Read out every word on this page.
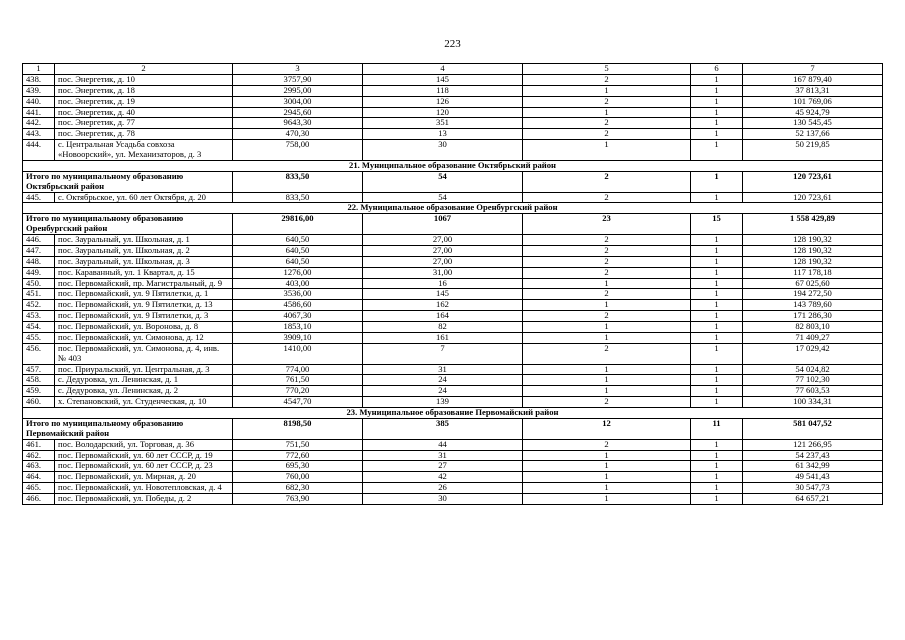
223
1	2	3	4	5	6	7
438.	пос. Энергетик, д. 10	3757,90	145	2	1	167 879,40
439.	пос. Энергетик, д. 18	2995,00	118	1	1	37 813,31
440.	пос. Энергетик, д. 19	3004,00	126	2	1	101 769,06
441.	пос. Энергетик, д. 40	2945,60	120	1	1	45 924,79
442.	пос. Энергетик, д. 77	9643,30	351	2	1	130 545,45
443.	пос. Энергетик, д. 78	470,30	13	2	1	52 137,66
444.	с. Центральная Усадьба совхоза «Новоорский», ул. Механизаторов, д. 3	758,00	30	1	1	50 219,85
21. Муниципальное образование Октябрьский район						
Итого по муниципальному образованию Октябрьский район		833,50	54	2	1	120 723,61
445.	с. Октябрьское, ул. 60 лет Октября, д. 20	833,50	54	2	1	120 723,61
22. Муниципальное образование Оренбургский район						
Итого по муниципальному образованию Оренбургский район		29816,00	1067	23	15	1 558 429,89
446.	пос. Зауральный, ул. Школьная, д. 1	640,50	27,00	2	1	128 190,32
447.	пос. Зауральный, ул. Школьная, д. 2	640,50	27,00	2	1	128 190,32
448.	пос. Зауральный, ул. Школьная, д. 3	640,50	27,00	2	1	128 190,32
449.	пос. Караванный, ул. 1 Квартал, д. 15	1276,00	31,00	2	1	117 178,18
450.	пос. Первомайский, пр. Магистральный, д. 9	403,00	16	1	1	67 025,60
451.	пос. Первомайский, ул. 9 Пятилетки, д. 1	3536,00	145	2	1	194 272,50
452.	пос. Первомайский, ул. 9 Пятилетки, д. 13	4586,60	162	1	1	143 789,60
453.	пос. Первомайский, ул. 9 Пятилетки, д. 3	4067,30	164	2	1	171 286,30
454.	пос. Первомайский, ул. Воронова, д. 8	1853,10	82	1	1	82 803,10
455.	пос. Первомайский, ул. Симонова, д. 12	3909,10	161	1	1	71 409,27
456.	пос. Первомайский, ул. Симонова, д. 4, инв. № 403	1410,00	7	2	1	17 029,42
457.	пос. Приуральский, ул. Центральная, д. 3	774,00	31	1	1	54 024,82
458.	с. Дедуровка, ул. Ленинская, д. 1	761,50	24	1	1	77 102,30
459.	с. Дедуровка, ул. Ленинская, д. 2	770,20	24	1	1	77 603,53
460.	х. Степановский, ул. Студенческая, д. 10	4547,70	139	2	1	100 334,31
23. Муниципальное образование Первомайский район						
Итого по муниципальному образованию Первомайский район		8198,50	385	12	11	581 047,52
461.	пос. Володарский, ул. Торговая, д. 36	751,50	44	2	1	121 266,95
462.	пос. Первомайский, ул. 60 лет СССР, д. 19	772,60	31	1	1	54 237,43
463.	пос. Первомайский, ул. 60 лет СССР, д. 23	695,30	27	1	1	61 342,99
464.	пос. Первомайский, ул. Мирная, д. 20	760,00	42	1	1	49 541,43
465.	пос. Первомайский, ул. Новотепловская, д. 4	682,30	26	1	1	30 547,73
466.	пос. Первомайский, ул. Победы, д. 2	763,90	30	1	1	64 657,21
